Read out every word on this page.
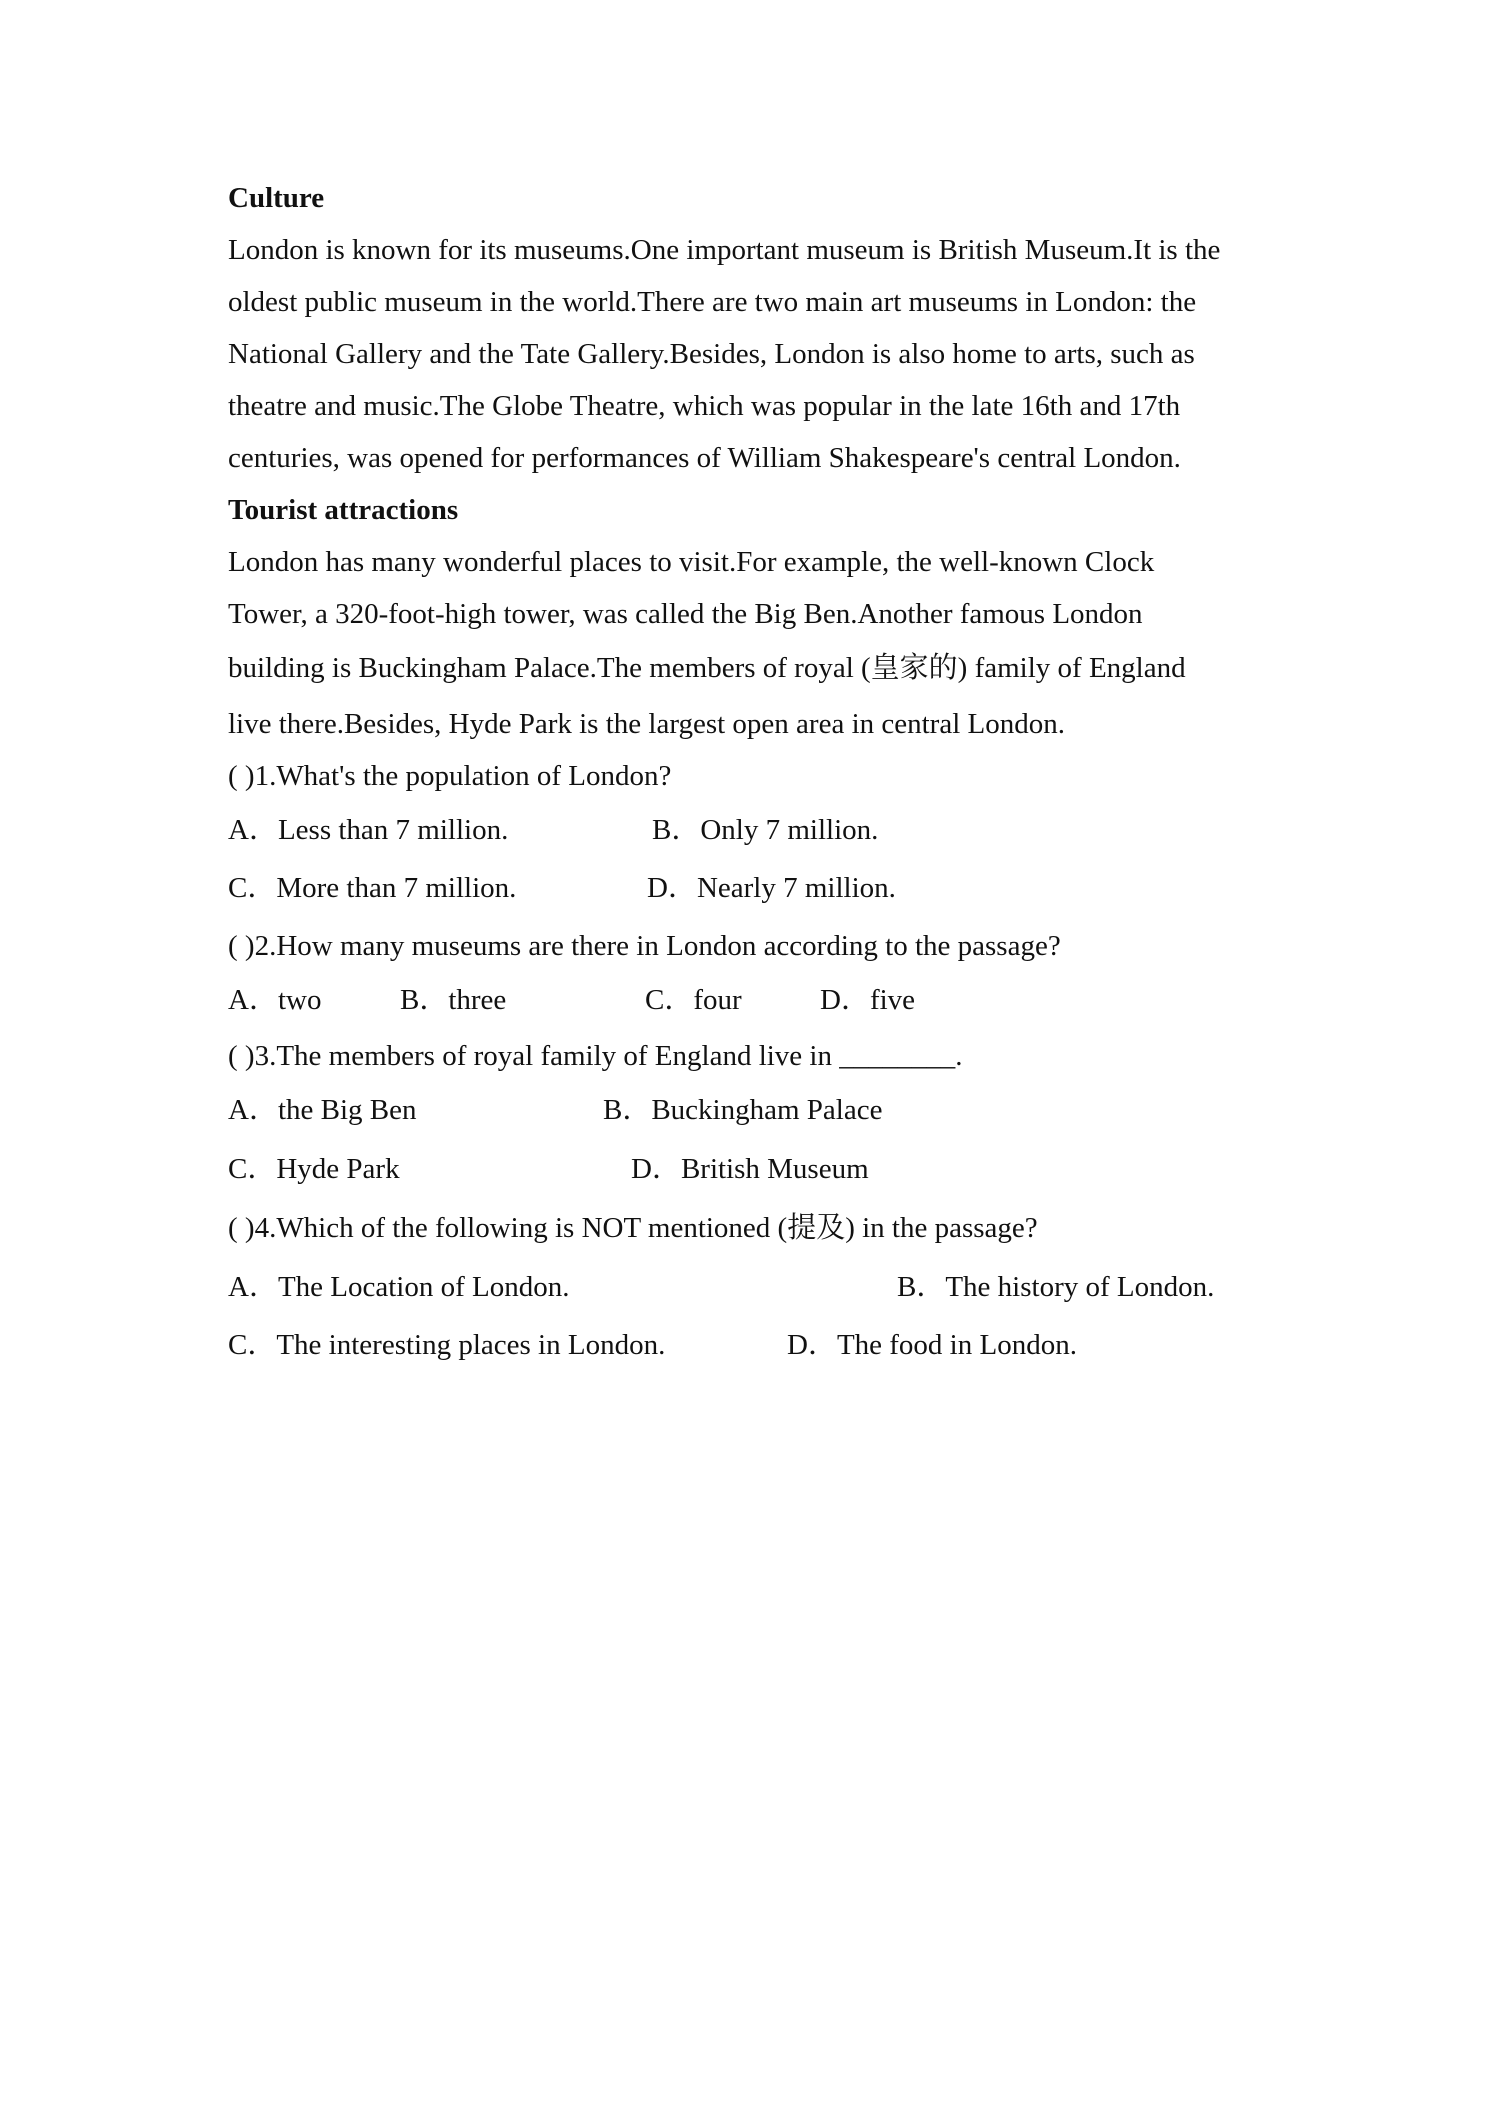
Culture
London is known for its museums.One important museum is British Museum.It is the
oldest public museum in the world.There are two main art museums in London: the
National Gallery and the Tate Gallery.Besides, London is also home to arts, such as
theatre and music.The Globe Theatre, which was popular in the late 16th and 17th
centuries, was opened for performances of William Shakespeare's central London.
Tourist attractions
London has many wonderful places to visit.For example, the well-known Clock
Tower, a 320-foot-high tower, was called the Big Ben.Another famous London
building is Buckingham Palace.The members of royal (皇家的) family of England
live there.Besides, Hyde Park is the largest open area in central London.
( )1.What's the population of London?
A．Less than 7 million.	B．Only 7 million.
C．More than 7 million.	D．Nearly 7 million.
( )2.How many museums are there in London according to the passage?
A．two	B．three	C．four	D．five
( )3.The members of royal family of England live in ________.
A．the Big Ben	B．Buckingham Palace
C．Hyde Park	D．British Museum
( )4.Which of the following is NOT mentioned (提及) in the passage?
A．The Location of London.	B．The history of London.
C．The interesting places in London.	D．The food in London.
